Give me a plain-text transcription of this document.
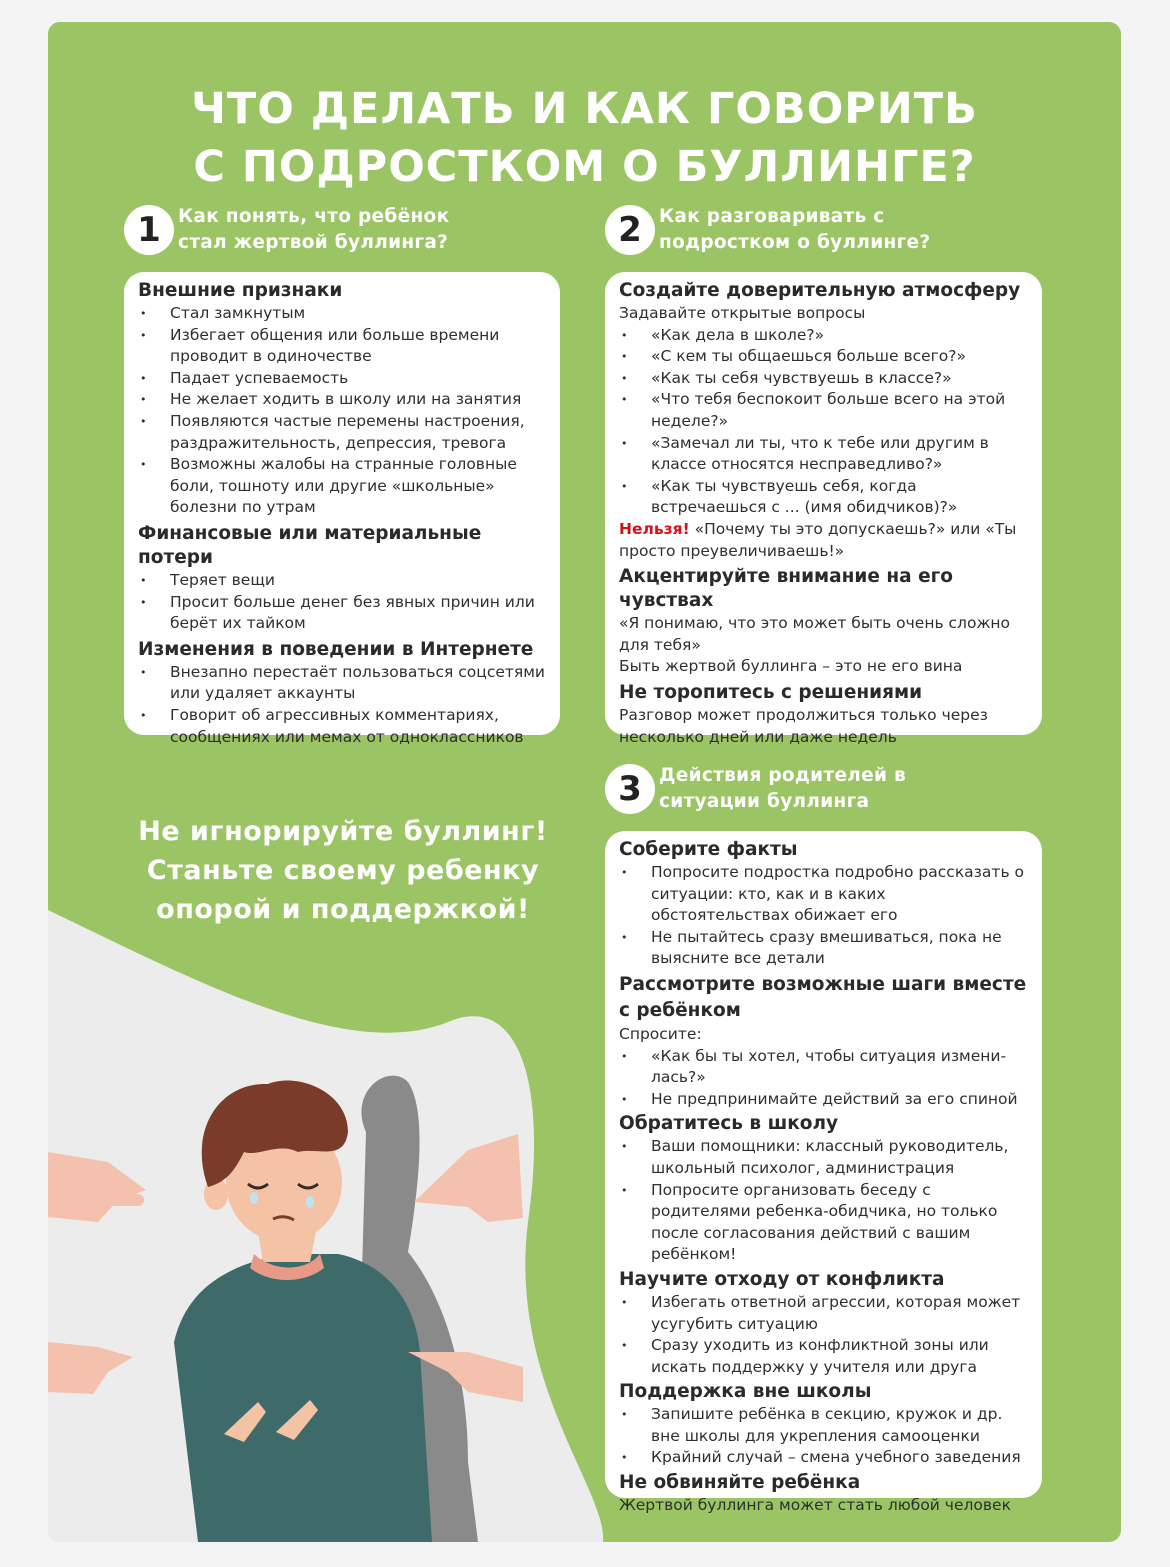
ЧТО ДЕЛАТЬ И КАК ГОВОРИТЬ
С ПОДРОСТКОМ О БУЛЛИНГЕ?
1 Как понять, что ребёнок
стал жертвой буллинга?
Внешние признаки
• Стал замкнутым
• Избегает общения или больше времени проводит в одиночестве
• Падает успеваемость
• Не желает ходить в школу или на занятия
• Появляются частые перемены настроения, раздражительность, депрессия, тревога
• Возможны жалобы на странные головные боли, тошноту или другие «школьные» болезни по утрам
Финансовые или материальные потери
• Теряет вещи
• Просит больше денег без явных причин или берёт их тайком
Изменения в поведении в Интернете
• Внезапно перестаёт пользоваться соцсетями или удаляет аккаунты
• Говорит об агрессивных комментариях, сообщениях или мемах от одноклассников
2 Как разговаривать с
подростком о буллинге?
Создайте доверительную атмосферу

Задавайте открытые вопросы

• «Как дела в школе?»
• «С кем ты общаешься больше всего?»
• «Как ты себя чувствуешь в классе?»
• «Что тебя беспокоит больше всего на этой неделе?»
• «Замечал ли ты, что к тебе или другим в классе относятся несправедливо?»
• «Как ты чувствуешь себя, когда встречаешься с ... (имя обидчиков)?»

Нельзя! «Почему ты это допускаешь?» или «Ты просто преувеличиваешь!»

Акцентируйте внимание на его чувствах

«Я понимаю, что это может быть очень сложно для тебя»

Быть жертвой буллинга – это не его вина

Не торопитесь с решениями

Разговор может продолжиться только через несколько дней или даже недель

3 Действия родителей в
ситуации буллинга
Соберите факты
• Попросите подростка подробно рассказать о ситуации: кто, как и в каких обстоятельствах обижает его
• Не пытайтесь сразу вмешиваться, пока не выясните все детали
Рассмотрите возможные шаги вместе с ребёнком

Спросите:

• «Как бы ты хотел, чтобы ситуация измени-лась?»
• Не предпринимайте действий за его спиной
Обратитесь в школу
• Ваши помощники: классный руководитель, школьный психолог, администрация
• Попросите организовать беседу с родителями ребенка-обидчика, но только после согласования действий с вашим ребёнком!
Научите отходу от конфликта
• Избегать ответной агрессии, которая может усугубить ситуацию
• Сразу уходить из конфликтной зоны или искать поддержку у учителя или друга
Поддержка вне школы
• Запишите ребёнка в секцию, кружок и др. вне школы для укрепления самооценки
• Крайний случай – смена учебного заведения
Не обвиняйте ребёнка

Жертвой буллинга может стать любой человек

Не игнорируйте буллинг!
Станьте своему ребенку
опорой и поддержкой!
